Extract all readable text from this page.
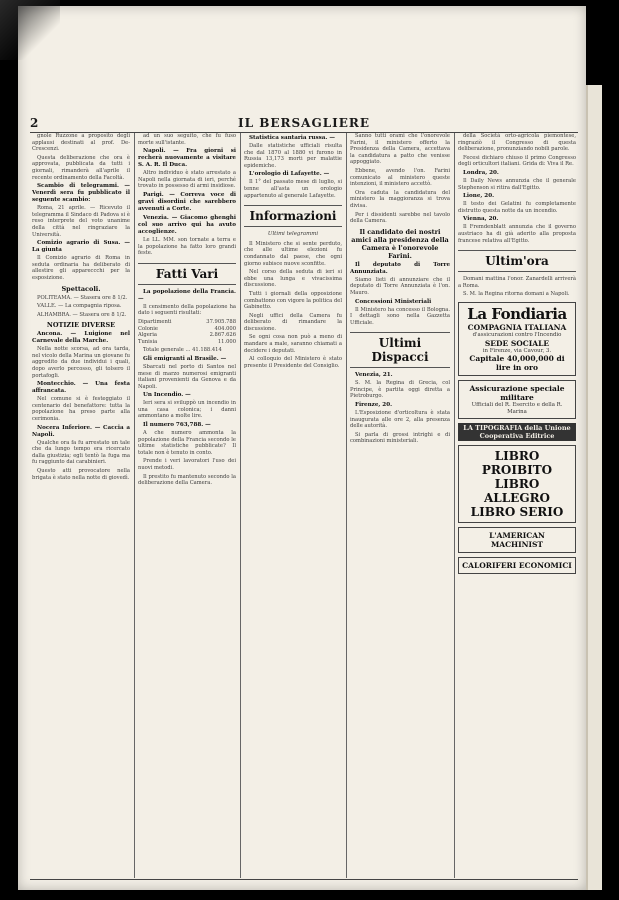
2	IL BERSAGLIERE

gnole Ruzzone a proposito degli applausi destinati al prof. De-Crescenzi.

Questa deliberazione che ora è approvata, pubblicata da tutti i giornali, rimanderà all'aprile il recente ordinamento della Facoltà.

Scambio di telegrammi. — Venerdì sera fu pubblicato il seguente scambio:

Roma, 21 aprile. — Ricevuto il telegramma il Sindaco di Padova si è reso interprete del voto unanime della città nel ringraziare la Università.

Comizio agrario di Susa. — La giunta

Il Comizio agrario di Roma in seduta ordinaria ha deliberato di allestire gli appareccchi per la esposizione.

Spettacoli.

POLITEAMA. — Stasera ore 8 1/2.

VALLE. — La compagnia riposa.

ALHAMBRA. — Stasera ore 8 1/2.

NOTIZIE DIVERSE
Ancona. — Luigione nel Carnevale della Marche.

Nella notte scorsa, ad ora tarda, nel vicolo della Marina un giovane fu aggredito da due individui i quali, dopo averlo percosso, gli tolsero il portafogli.

Montecchio. — Una festa affrancata.

Nel comune si è festeggiato il centenario del benefattore: tutta la popolazione ha preso parte alla cerimonia.

Nocera Inferiore. — Caccia a Napoli.

Qualche ora fa fu arrestato un tale che da lungo tempo era ricercato dalla giustizia; egli tentò la fuga ma fu raggiunto dai carabinieri.

Questo atti provocatore nella brigata è stato nella notte di giovedì.

ad un suo seguito, che fu fuso morte sull'istante.

Napoli. — Fra giorni si recherà nuovamente a visitare S. A. R. Il Duca.

Altro individuo è stato arrestato a Napoli nella giornata di ieri, perché trovato in possesso di armi insidiose.

Parigi. — Correva voce di gravi disordini che sarebbero avvenuti a Corte.
Venezia. — Giacomo ghenghi col suo arrivo qui ha avuto accoglienze.

Le LL. MM. son tornate a terra e la popolazione ha fatto loro grandi feste.

Fatti Vari
La popolazione della Francia. —

Il censimento della popolazione ha dato i seguenti risultati:

Dipartimenti	37.905.788
Colonie	404.000
Algeria	2.867.626
Tunisia	11.000

Totale generale ... 41.188.414

Gli emigranti al Brasile. —

Sbarcati nel porto di Santos nel mese di marzo numerosi emigranti italiani provenienti da Genova e da Napoli.

Un Incendio. —

Ieri sera si sviluppò un incendio in una casa colonica; i danni ammontano a molte lire.

Il numero 763,788. —

A che numero ammonta la popolazione della Francia secondo le ultime statistiche pubblicate? Il totale non è tenuto in conto.

Prende i veri lavoratori l'uso dei nuovi metodi.

Il prestito fu mantenuto secondo la deliberazione della Camera.

Statistica santaria russa. —

Dalle statistiche ufficiali risulta che dal 1870 al 1880 vi furono in Russia 13,173 morti per malattie epidemiche.

L'orologio di Lafayette. —

Il 1° del passato mese di luglio, si tenne all'asta un orologio appartenuto al generale Lafayette.

Informazioni
Ultimi telegrammi

Il Ministero che si sente perduto, che alle ultime elezioni fu condannato dal paese, che ogni giorno subisce nuove sconfitte.

Nel corso della seduta di ieri si ebbe una lunga e vivacissima discussione.

Tutti i giornali della opposizione combattono con vigore la politica del Gabinetto.

Negli uffici della Camera fu deliberato di rimandare la discussione.

Se ogni cosa non può a meno di mandare a male, saranno chiamati a decidere i deputati.

Al colloquio del Ministero è stato presente il Presidente del Consiglio.

Sanno tutti orami che l'onorevole Farini, il ministero offerto la Presidenza della Camera, accettava la candidatura a patto che venisse appoggiato.

Ebbene, avendo l'on. Farini comunicato al ministero queste intenzioni, il ministero accettò.

Ora caduta la candidatura del ministero la maggioranza si trova divisa.

Per i dissidenti sarebbe nel tavolo della Camera.

Il candidato dei nostri amici alla presidenza della Camera è l'onorevole Farini.
Il deputato di Torre Annunziata.

Siamo lieti di annunziare che il deputato di Torre Annunziata è l'on. Mauro.

Concessioni Ministeriali

Il Ministero ha concesso il Bologna. I dettagli sono nella Gazzetta Ufficiale.

Ultimi Dispacci
Venezia, 21.

S. M. la Regina di Grecia, col Principe, è partita oggi diretta a Pietroburgo.

Firenze, 20.

L'Esposizione d'orticoltura è stata inaugurata alle ore 2, alla presenza delle autorità.

Si parla di grossi intrighi e di combinazioni ministeriali.

della Società orto-agricola piemontese, ringraziò il Congresso di questa deliberazione, pronunziando nobili parole.

Fecesi dichiaro chiuso il primo Congresso degli orticultori italiani. Grida di: Viva il Re.

Londra, 20.

Il Daily News annunzia che il generale Stephenson si ritira dall'Egitto.

Lione, 20.

Il testo dei Gelatini fu completamente distrutto questa notte da un incendio.

Vienna, 20.

Il Fremdenblatt annunzia che il governo austriaco ha di già aderito alla proposta francese relativa all'Egitto.

Ultim'ora

Domani mattina l'onor. Zanardelli arriverà a Roma.

S. M. la Regina ritorna domani a Napoli.

La Fondiaria
COMPAGNIA ITALIANA
d'assicurazioni contro l'Incendio
SEDE SOCIALE
in Firenze, via Cavour, 3.
Capitale 40,000,000 di lire in oro
Assicurazione speciale militare
Ufficiali del R. Esercito e della R. Marina
LA TIPOGRAFIA della Unione Cooperativa Editrice
LIBRO PROIBITO
LIBRO ALLEGRO
LIBRO SERIO
L'AMERICAN MACHINIST
CALORIFERI ECONOMICI
